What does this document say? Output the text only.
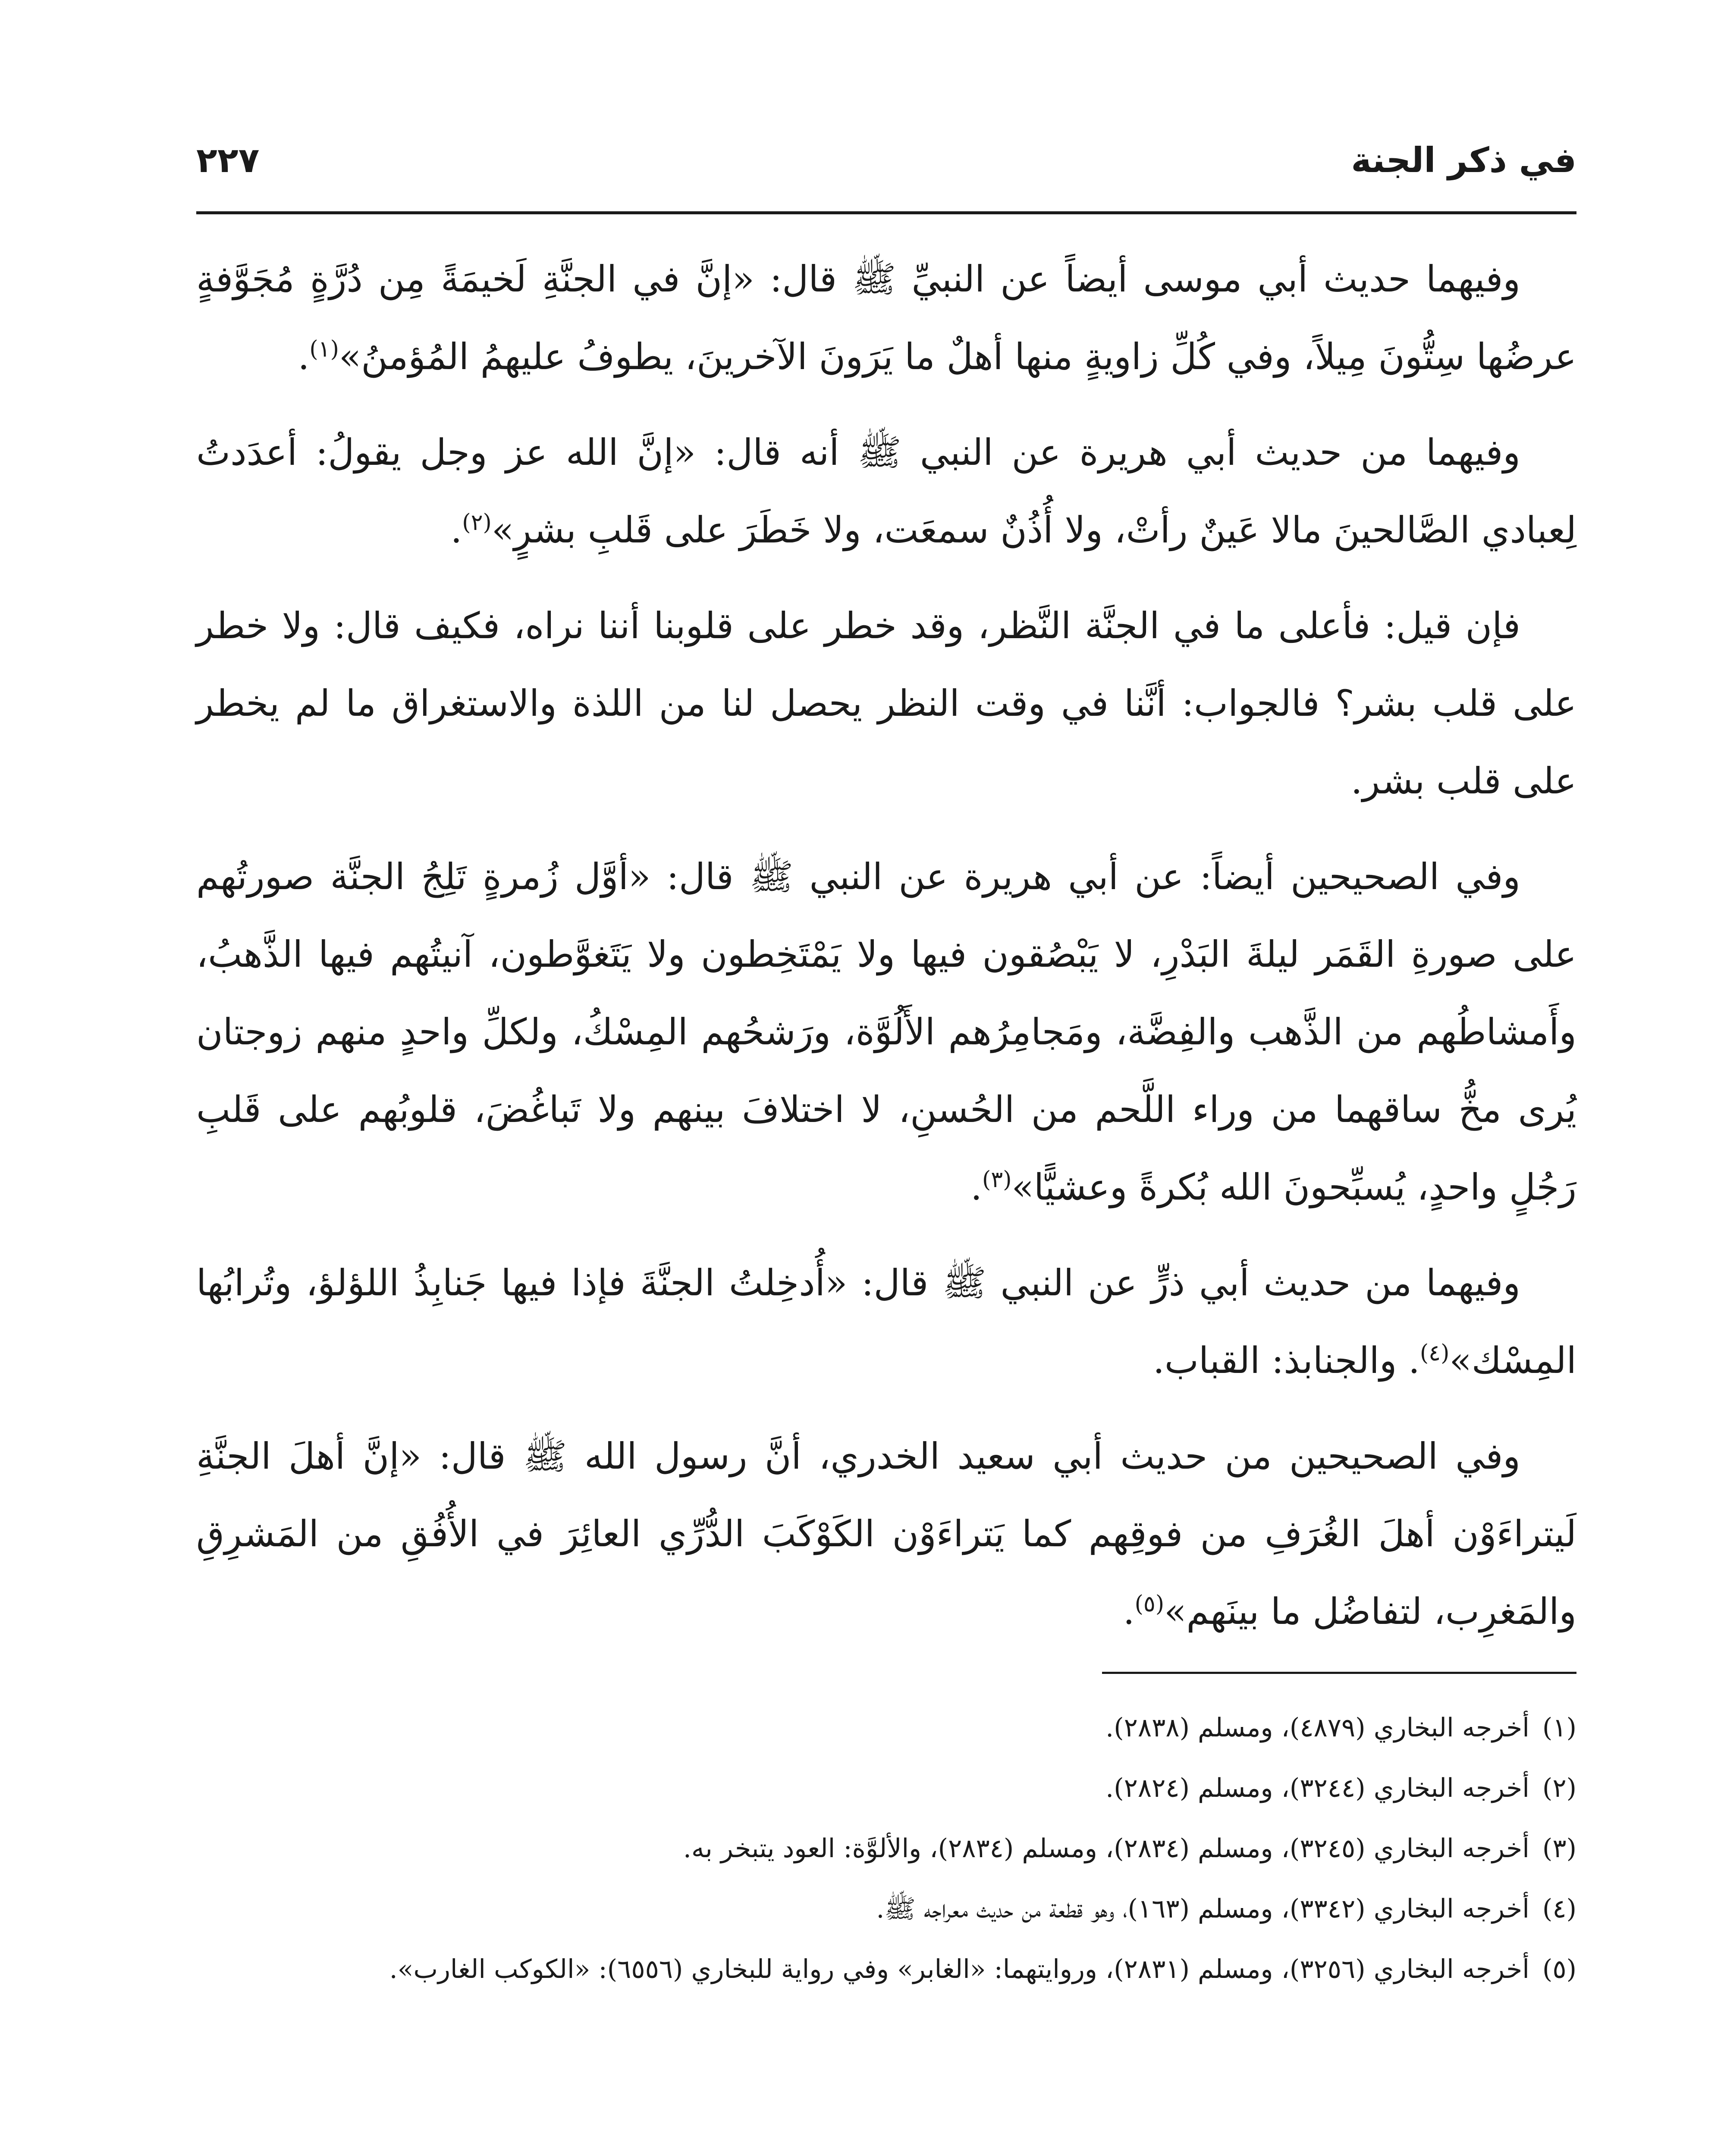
في ذكر الجنة
٢٢٧

وفيهما حديث أبي موسى أيضاً عن النبيِّ ﷺ قال: «إنَّ في الجنَّةِ لَخيمَةً مِن دُرَّةٍ مُجَوَّفةٍ عرضُها سِتُّونَ مِيلاً، وفي كُلِّ زاويةٍ منها أهلٌ ما يَرَونَ الآخرينَ، يطوفُ عليهمُ المُؤمنُ»$^{(١)}$.

وفيهما من حديث أبي هريرة عن النبي ﷺ أنه قال: «إنَّ الله عز وجل يقولُ: أعدَدتُ لِعبادي الصَّالحينَ مالا عَينٌ رأتْ، ولا أُذُنٌ سمعَت، ولا خَطَرَ على قَلبِ بشرٍ»$^{(٢)}$.

فإن قيل: فأعلى ما في الجنَّة النَّظر، وقد خطر على قلوبنا أننا نراه، فكيف قال: ولا خطر على قلب بشر؟ فالجواب: أنَّنا في وقت النظر يحصل لنا من اللذة والاستغراق ما لم يخطر على قلب بشر.

وفي الصحيحين أيضاً: عن أبي هريرة عن النبي ﷺ قال: «أوَّل زُمرةٍ تَلِجُ الجنَّة صورتُهم على صورةِ القَمَر ليلةَ البَدْرِ، لا يَبْصُقون فيها ولا يَمْتَخِطون ولا يَتَغوَّطون، آنيتُهم فيها الذَّهبُ، وأَمشاطُهم من الذَّهب والفِضَّة، ومَجامِرُهم الأَلُوَّة، ورَشحُهم المِسْكُ، ولكلِّ واحدٍ منهم زوجتان يُرى مخُّ ساقهما من وراء اللَّحم من الحُسنِ، لا اختلافَ بينهم ولا تَباغُضَ، قلوبُهم على قَلبِ رَجُلٍ واحدٍ، يُسبِّحونَ الله بُكرةً وعشيًّا»$^{(٣)}$.

وفيهما من حديث أبي ذرٍّ عن النبي ﷺ قال: «أُدخِلتُ الجنَّةَ فإذا فيها جَنابِذُ اللؤلؤ، وتُرابُها المِسْك»$^{(٤)}$. والجنابذ: القباب.

وفي الصحيحين من حديث أبي سعيد الخدري، أنَّ رسول الله ﷺ قال: «إنَّ أهلَ الجنَّةِ لَيتراءَوْن أهلَ الغُرَفِ من فوقِهم كما يَتراءَوْن الكَوْكَبَ الدُّرِّي العائِرَ في الأُفُقِ من المَشرِقِ والمَغرِب، لتفاضُل ما بينَهم»$^{(٥)}$.

(١)
أخرجه البخاري (٤٨٧٩)، ومسلم (٢٨٣٨).
(٢)
أخرجه البخاري (٣٢٤٤)، ومسلم (٢٨٢٤).
(٣)
أخرجه البخاري (٣٢٤٥)، ومسلم (٢٨٣٤)، ومسلم (٢٨٣٤)، والألوَّة: العود يتبخر به.
(٤)
أخرجه البخاري (٣٣٤٢)، ومسلم (١٦٣)، وهو قطعة من حديث معراجه ﷺ.
(٥)
أخرجه البخاري (٣٢٥٦)، ومسلم (٢٨٣١)، وروايتهما: «الغابر» وفي رواية للبخاري (٦٥٥٦): «الكوكب الغارب».
